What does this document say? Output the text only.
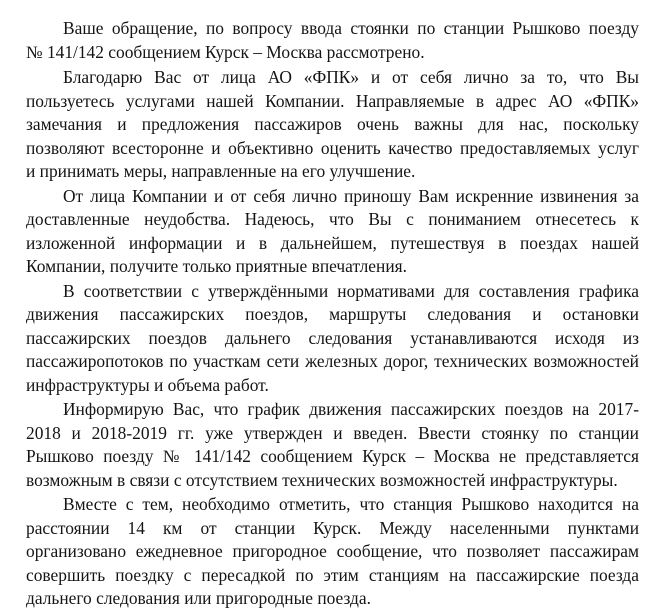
Ваше обращение, по вопросу ввода стоянки по станции Рышково поезду
№ 141/142 сообщением Курск – Москва рассмотрено.
Благодарю Вас от лица АО «ФПК» и от себя лично за то, что Вы
пользуетесь услугами нашей Компании. Направляемые в адрес АО «ФПК»
замечания и предложения пассажиров очень важны для нас, поскольку
позволяют всесторонне и объективно оценить качество предоставляемых услуг
и принимать меры, направленные на его улучшение.
От лица Компании и от себя лично приношу Вам искренние извинения за
доставленные неудобства. Надеюсь, что Вы с пониманием отнесетесь к
изложенной информации и в дальнейшем, путешествуя в поездах нашей
Компании, получите только приятные впечатления.
В соответствии с утверждёнными нормативами для составления графика
движения пассажирских поездов, маршруты следования и остановки
пассажирских поездов дальнего следования устанавливаются исходя из
пассажиропотоков по участкам сети железных дорог, технических возможностей
инфраструктуры и объема работ.
Информирую Вас, что график движения пассажирских поездов на 2017-
2018 и 2018-2019 гг. уже утвержден и введен. Ввести стоянку по станции
Рышково поезду № 141/142 сообщением Курск – Москва не представляется
возможным в связи с отсутствием технических возможностей инфраструктуры.
Вместе с тем, необходимо отметить, что станция Рышково находится на
расстоянии 14 км от станции Курск. Между населенными пунктами
организовано ежедневное пригородное сообщение, что позволяет пассажирам
совершить поездку с пересадкой по этим станциям на пассажирские поезда
дальнего следования или пригородные поезда.
